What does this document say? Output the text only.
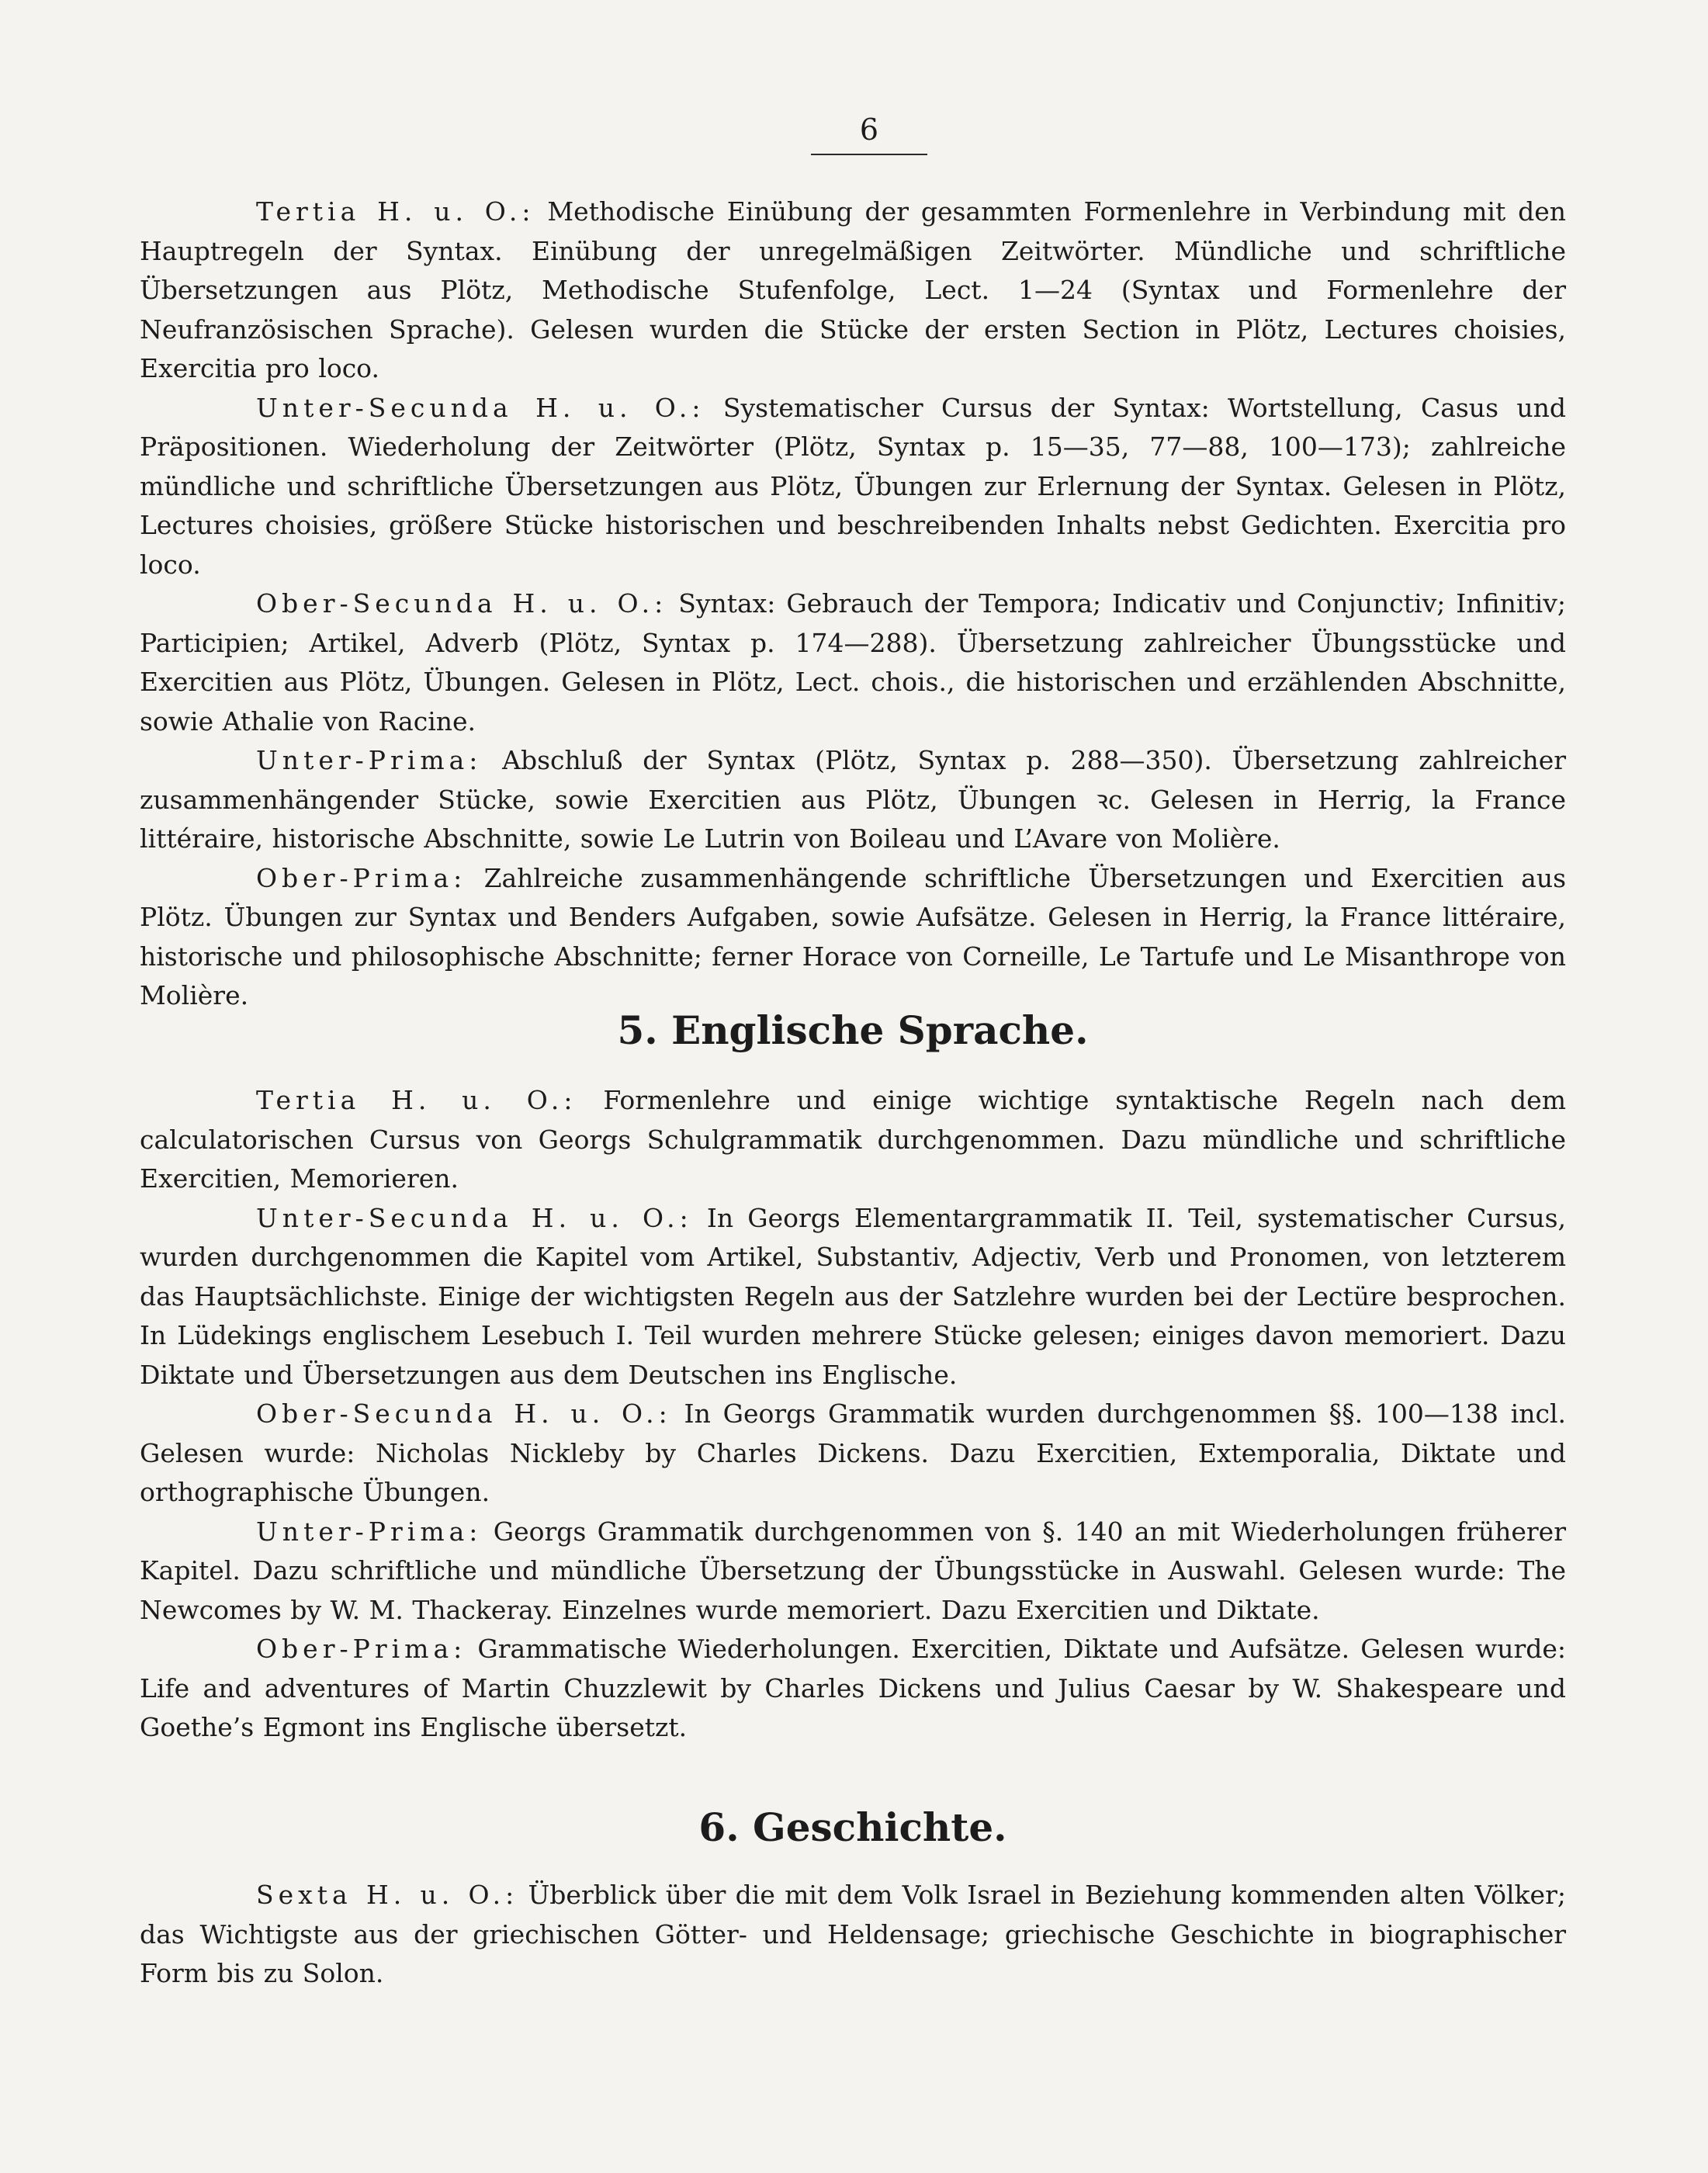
6

Tertia H. u. O.: Methodische Einübung der gesammten Formenlehre in Verbindung mit den Hauptregeln der Syntax. Einübung der unregelmäßigen Zeitwörter. Mündliche und schriftliche Übersetzungen aus Plötz, Methodische Stufenfolge, Lect. 1—24 (Syntax und Formenlehre der Neufranzösischen Sprache). Gelesen wurden die Stücke der ersten Section in Plötz, Lectures choisies, Exercitia pro loco.

Unter-Secunda H. u. O.: Systematischer Cursus der Syntax: Wortstellung, Casus und Präpositionen. Wiederholung der Zeitwörter (Plötz, Syntax p. 15—35, 77—88, 100—173); zahlreiche mündliche und schriftliche Übersetzungen aus Plötz, Übungen zur Erlernung der Syntax. Gelesen in Plötz, Lectures choisies, größere Stücke historischen und beschreibenden Inhalts nebst Gedichten. Exercitia pro loco.

Ober-Secunda H. u. O.: Syntax: Gebrauch der Tempora; Indicativ und Conjunctiv; Infinitiv; Participien; Artikel, Adverb (Plötz, Syntax p. 174—288). Übersetzung zahlreicher Übungsstücke und Exercitien aus Plötz, Übungen. Gelesen in Plötz, Lect. chois., die historischen und erzählenden Abschnitte, sowie Athalie von Racine.

Unter-Prima: Abschluß der Syntax (Plötz, Syntax p. 288—350). Übersetzung zahlreicher zusammenhängender Stücke, sowie Exercitien aus Plötz, Übungen ꝛc. Gelesen in Herrig, la France littéraire, historische Abschnitte, sowie Le Lutrin von Boileau und L’Avare von Molière.

Ober-Prima: Zahlreiche zusammenhängende schriftliche Übersetzungen und Exercitien aus Plötz. Übungen zur Syntax und Benders Aufgaben, sowie Aufsätze. Gelesen in Herrig, la France littéraire, historische und philosophische Abschnitte; ferner Horace von Corneille, Le Tartufe und Le Misanthrope von Molière.

5. Englische Sprache.

Tertia H. u. O.: Formenlehre und einige wichtige syntaktische Regeln nach dem calculatorischen Cursus von Georgs Schulgrammatik durchgenommen. Dazu mündliche und schriftliche Exercitien, Memorieren.

Unter-Secunda H. u. O.: In Georgs Elementargrammatik II. Teil, systematischer Cursus, wurden durchgenommen die Kapitel vom Artikel, Substantiv, Adjectiv, Verb und Pronomen, von letzterem das Hauptsächlichste. Einige der wichtigsten Regeln aus der Satzlehre wurden bei der Lectüre besprochen. In Lüdekings englischem Lesebuch I. Teil wurden mehrere Stücke gelesen; einiges davon memoriert. Dazu Diktate und Übersetzungen aus dem Deutschen ins Englische.

Ober-Secunda H. u. O.: In Georgs Grammatik wurden durchgenommen §§. 100—138 incl. Gelesen wurde: Nicholas Nickleby by Charles Dickens. Dazu Exercitien, Extemporalia, Diktate und orthographische Übungen.

Unter-Prima: Georgs Grammatik durchgenommen von §. 140 an mit Wiederholungen früherer Kapitel. Dazu schriftliche und mündliche Übersetzung der Übungsstücke in Auswahl. Gelesen wurde: The Newcomes by W. M. Thackeray. Einzelnes wurde memoriert. Dazu Exercitien und Diktate.

Ober-Prima: Grammatische Wiederholungen. Exercitien, Diktate und Aufsätze. Gelesen wurde: Life and adventures of Martin Chuzzlewit by Charles Dickens und Julius Caesar by W. Shakespeare und Goethe’s Egmont ins Englische übersetzt.

6. Geschichte.

Sexta H. u. O.: Überblick über die mit dem Volk Israel in Beziehung kommenden alten Völker; das Wichtigste aus der griechischen Götter- und Heldensage; griechische Geschichte in biographischer Form bis zu Solon.
